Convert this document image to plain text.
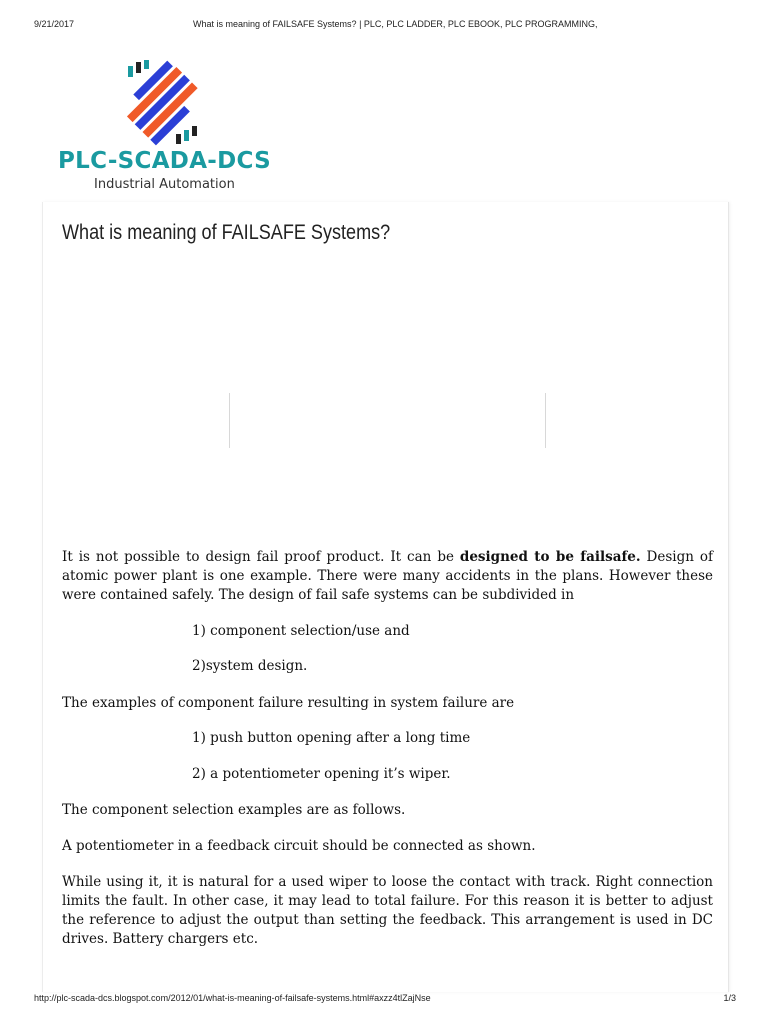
9/21/2017	What is meaning of FAILSAFE Systems? | PLC, PLC LADDER, PLC EBOOK, PLC PROGRAMMING,
PLC-SCADA-DCS
Industrial Automation
What is meaning of FAILSAFE Systems?

It is not possible to design fail proof product. It can be designed to be failsafe. Design of atomic power plant is one example. There were many accidents in the plans. However these were contained safely. The design of fail safe systems can be subdivided in

1) component selection/use and

2)system design.

The examples of component failure resulting in system failure are

1) push button opening after a long time

2) a potentiometer opening it’s wiper.

The component selection examples are as follows.

A potentiometer in a feedback circuit should be connected as shown.

While using it, it is natural for a used wiper to loose the contact with track. Right connection limits the fault. In other case, it may lead to total failure. For this reason it is better to adjust the reference to adjust the output than setting the feedback. This arrangement is used in DC drives. Battery chargers etc.

http://plc-scada-dcs.blogspot.com/2012/01/what-is-meaning-of-failsafe-systems.html#axzz4tlZajNse	1/3
